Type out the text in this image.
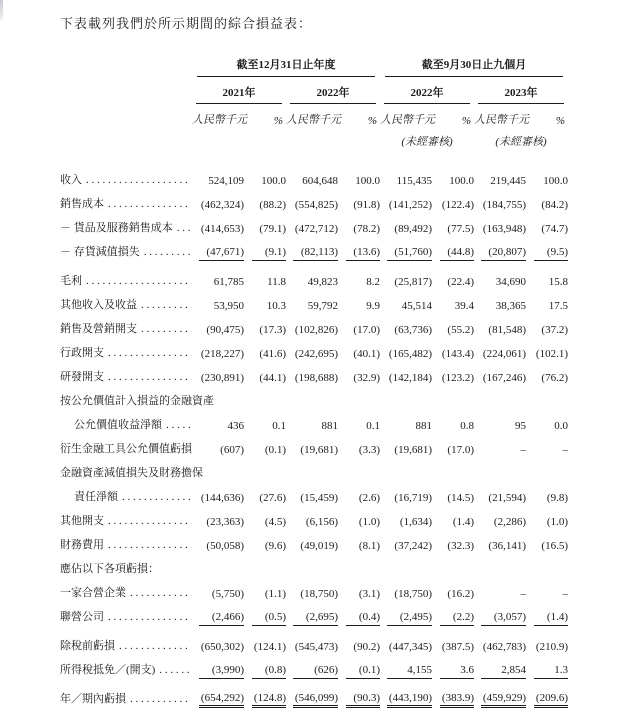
下表載列我們於所示期間的綜合損益表：

	截至12月31日止年度				截至9月30日止九個月			

	2021年		2022年		2022年		2023年	

	人民幣千元	%	人民幣千元	%	人民幣千元	%	人民幣千元	%
					(未經審核)		(未經審核)	

收入
. . .	524,109	100.0	604,648	100.0	115,435	100.0	219,445	100.0

銷售成本
. . .	(462,324)	(88.2)	(554,825)	(91.8)	(141,252)	(122.4)	(184,755)	(84.2)

－ 貨品及服務銷售成本
. . .	(414,653)	(79.1)	(472,712)	(78.2)	(89,492)	(77.5)	(163,948)	(74.7)

－ 存貨減值損失
. . .	(47,671)	(9.1)	(82,113)	(13.6)	(51,760)	(44.8)	(20,807)	(9.5)

毛利
. . .	61,785	11.8	49,823	8.2	(25,817)	(22.4)	34,690	15.8

其他收入及收益
. . .	53,950	10.3	59,792	9.9	45,514	39.4	38,365	17.5

銷售及營銷開支
. . .	(90,475)	(17.3)	(102,826)	(17.0)	(63,736)	(55.2)	(81,548)	(37.2)

行政開支
. . .	(218,227)	(41.6)	(242,695)	(40.1)	(165,482)	(143.4)	(224,061)	(102.1)

研發開支
. . .	(230,891)	(44.1)	(198,688)	(32.9)	(142,184)	(123.2)	(167,246)	(76.2)

按公允價值計入損益的金融資產								

公允價值收益淨額
. . .	436	0.1	881	0.1	881	0.8	95	0.0

衍生金融工具公允價值虧損	(607)	(0.1)	(19,681)	(3.3)	(19,681)	(17.0)	–	–

金融資產減值損失及財務擔保								

責任淨額
. . .	(144,636)	(27.6)	(15,459)	(2.6)	(16,719)	(14.5)	(21,594)	(9.8)

其他開支
. . .	(23,363)	(4.5)	(6,156)	(1.0)	(1,634)	(1.4)	(2,286)	(1.0)

財務費用
. . .	(50,058)	(9.6)	(49,019)	(8.1)	(37,242)	(32.3)	(36,141)	(16.5)

應佔以下各項虧損：								

一家合營企業
. . .	(5,750)	(1.1)	(18,750)	(3.1)	(18,750)	(16.2)	–	–

聯營公司
. . .	(2,466)	(0.5)	(2,695)	(0.4)	(2,495)	(2.2)	(3,057)	(1.4)

除稅前虧損
. . .	(650,302)	(124.1)	(545,473)	(90.2)	(447,345)	(387.5)	(462,783)	(210.9)

所得稅抵免／(開支)
. . .	(3,990)	(0.8)	(626)	(0.1)	4,155	3.6	2,854	1.3

年／期內虧損
. . .	(654,292)	(124.8)	(546,099)	(90.3)	(443,190)	(383.9)	(459,929)	(209.6)
